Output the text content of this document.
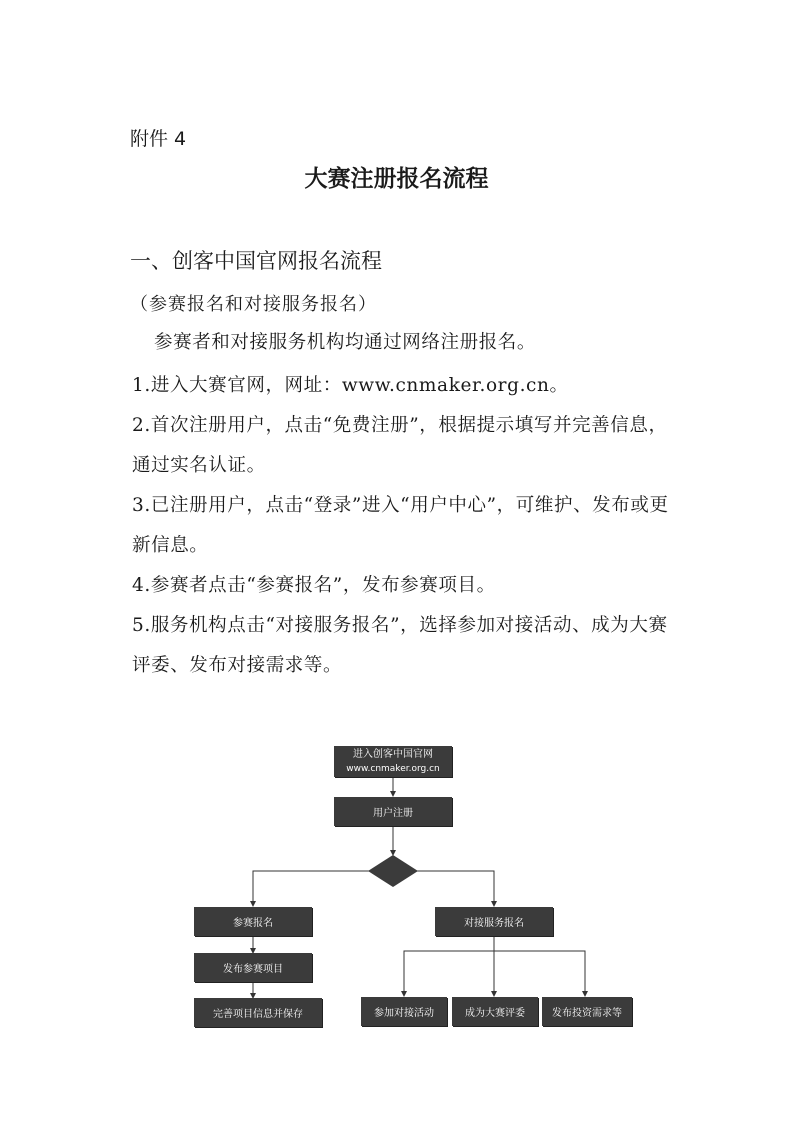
附件 4
大赛注册报名流程
一、创客中国官网报名流程
（参赛报名和对接服务报名）
参赛者和对接服务机构均通过网络注册报名。
1.进入大赛官网，网址：www.cnmaker.org.cn。
2.首次注册用户，点击“免费注册”，根据提示填写并完善信息，通过实名认证。
3.已注册用户，点击“登录”进入“用户中心”，可维护、发布或更新信息。
4.参赛者点击“参赛报名”，发布参赛项目。
5.服务机构点击“对接服务报名”，选择参加对接活动、成为大赛评委、发布对接需求等。
进入创客中国官网
www.cnmaker.org.cn
用户注册
参赛报名
发布参赛项目
完善项目信息并保存
对接服务报名
参加对接活动	成为大赛评委	发布投资需求等
